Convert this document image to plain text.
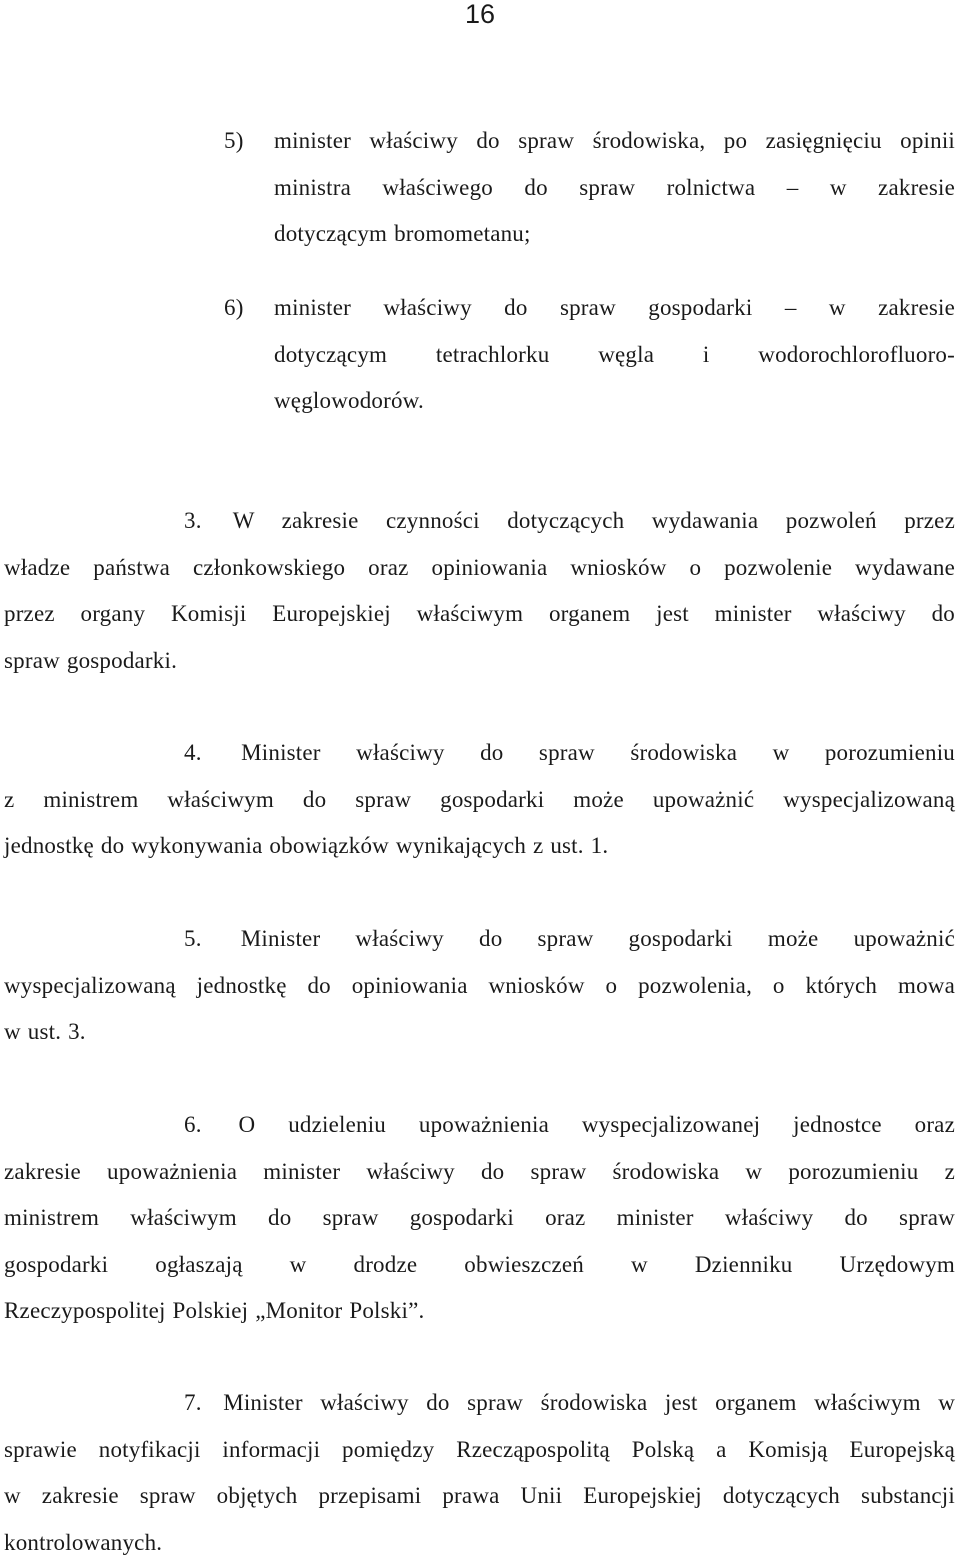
16
5) minister właściwy do spraw środowiska, po zasięgnięciu opinii
ministra właściwego do spraw rolnictwa – w zakresie
dotyczącym bromometanu;
6) minister właściwy do spraw gospodarki – w zakresie
dotyczącym tetrachlorku węgla i wodorochlorofluoro-
węglowodorów.
3. W zakresie czynności dotyczących wydawania pozwoleń przez
władze państwa członkowskiego oraz opiniowania wniosków o pozwolenie wydawane
przez organy Komisji Europejskiej właściwym organem jest minister właściwy do
spraw gospodarki.
4. Minister właściwy do spraw środowiska w porozumieniu
z ministrem właściwym do spraw gospodarki może upoważnić wyspecjalizowaną
jednostkę do wykonywania obowiązków wynikających z ust. 1.
5. Minister właściwy do spraw gospodarki może upoważnić
wyspecjalizowaną jednostkę do opiniowania wniosków o pozwolenia, o których mowa
w ust. 3.
6. O udzieleniu upoważnienia wyspecjalizowanej jednostce oraz
zakresie upoważnienia minister właściwy do spraw środowiska w porozumieniu z
ministrem właściwym do spraw gospodarki oraz minister właściwy do spraw
gospodarki ogłaszają w drodze obwieszczeń w Dzienniku Urzędowym
Rzeczypospolitej Polskiej „Monitor Polski”.
7. Minister właściwy do spraw środowiska jest organem właściwym w
sprawie notyfikacji informacji pomiędzy Rzecząpospolitą Polską a Komisją Europejską
w zakresie spraw objętych przepisami prawa Unii Europejskiej dotyczących substancji
kontrolowanych.
